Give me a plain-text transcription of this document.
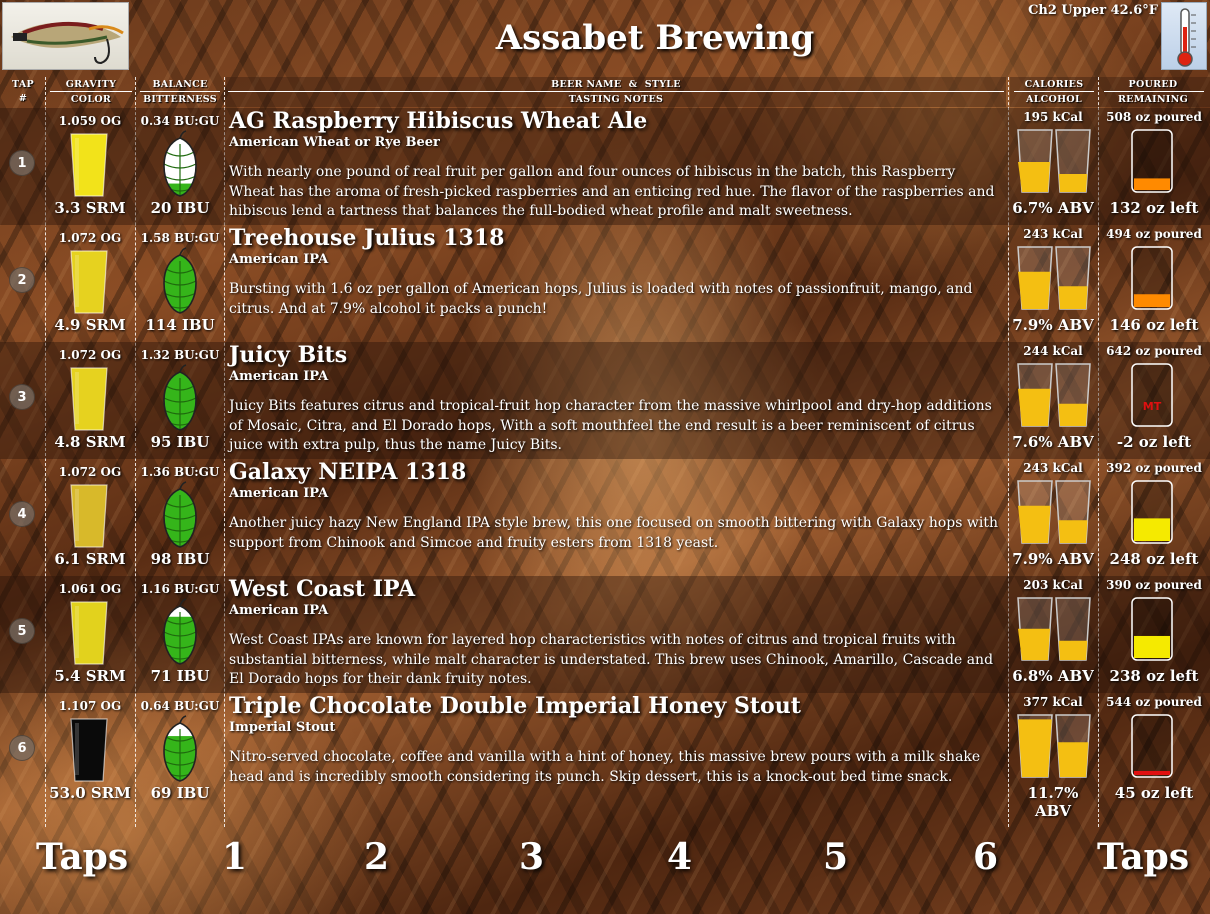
Assabet Brewing
Ch2 Upper 42.6°F
TAP
#
GRAVITY
COLOR
BALANCE
BITTERNESS
BEER NAME  &  STYLE
TASTING NOTES
CALORIES
ALCOHOL
POURED
REMAINING
1
1.059 OG
3.3 SRM
0.34 BU:GU
20 IBU
AG Raspberry Hibiscus Wheat Ale
American Wheat or Rye Beer
With nearly one pound of real fruit per gallon and four ounces of hibiscus in the batch, this Raspberry Wheat has the aroma of fresh-picked raspberries and an enticing red hue. The flavor of the raspberries and hibiscus lend a tartness that balances the full-bodied wheat profile and malt sweetness.
195 kCal
6.7% ABV
508 oz poured
132 oz left
2
1.072 OG
4.9 SRM
1.58 BU:GU
114 IBU
Treehouse Julius 1318
American IPA
Bursting with 1.6 oz per gallon of American hops, Julius is loaded with notes of passionfruit, mango, and citrus. And at 7.9% alcohol it packs a punch!
243 kCal
7.9% ABV
494 oz poured
146 oz left
3
1.072 OG
4.8 SRM
1.32 BU:GU
95 IBU
Juicy Bits
American IPA
Juicy Bits features citrus and tropical-fruit hop character from the massive whirlpool and dry-hop additions of Mosaic, Citra, and El Dorado hops, With a soft mouthfeel the end result is a beer reminiscent of citrus juice with extra pulp, thus the name Juicy Bits.
244 kCal
7.6% ABV
642 oz poured
MT
-2 oz left
4
1.072 OG
6.1 SRM
1.36 BU:GU
98 IBU
Galaxy NEIPA 1318
American IPA
Another juicy hazy New England IPA style brew, this one focused on smooth bittering with Galaxy hops with support from Chinook and Simcoe and fruity esters from 1318 yeast.
243 kCal
7.9% ABV
392 oz poured
248 oz left
5
1.061 OG
5.4 SRM
1.16 BU:GU
71 IBU
West Coast IPA
American IPA
West Coast IPAs are known for layered hop characteristics with notes of citrus and tropical fruits with substantial bitterness, while malt character is understated. This brew uses Chinook, Amarillo, Cascade and El Dorado hops for their dank fruity notes.
203 kCal
6.8% ABV
390 oz poured
238 oz left
6
1.107 OG
53.0 SRM
0.64 BU:GU
69 IBU
Triple Chocolate Double Imperial Honey Stout
Imperial Stout
Nitro-served chocolate, coffee and vanilla with a hint of honey, this massive brew pours with a milk shake head and is incredibly smooth considering its punch. Skip dessert, this is a knock-out bed time snack.
377 kCal
11.7% ABV
544 oz poured
45 oz left
Taps	Taps
1	2	3	4	5	6
